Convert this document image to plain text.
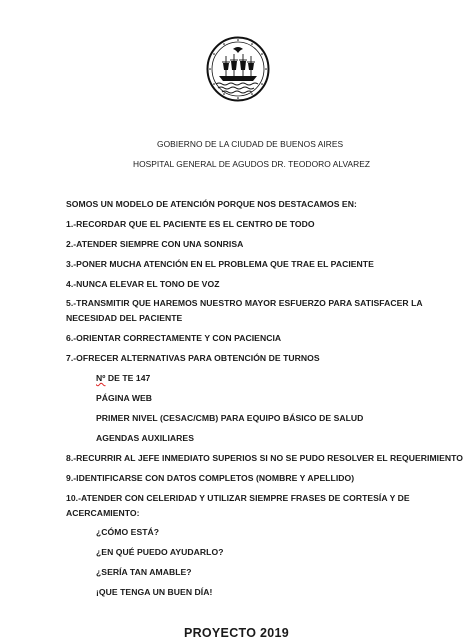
GOBIERNO DE LA CIUDAD DE BUENOS AIRES
HOSPITAL GENERAL DE AGUDOS DR. TEODORO ALVAREZ
SOMOS UN MODELO DE ATENCIÓN PORQUE NOS DESTACAMOS EN:
1.-RECORDAR QUE EL PACIENTE ES EL CENTRO DE TODO
2.-ATENDER SIEMPRE CON UNA SONRISA
3.-PONER MUCHA ATENCIÓN EN EL PROBLEMA QUE TRAE EL PACIENTE
4.-NUNCA ELEVAR EL TONO DE VOZ
5.-TRANSMITIR QUE HAREMOS NUESTRO MAYOR ESFUERZO PARA SATISFACER LA
NECESIDAD DEL PACIENTE
6.-ORIENTAR CORRECTAMENTE Y CON PACIENCIA
7.-OFRECER ALTERNATIVAS PARA OBTENCIÓN DE TURNOS
Nº DE TE 147
PÁGINA WEB
PRIMER NIVEL (CESAC/CMB) PARA EQUIPO BÁSICO DE SALUD
AGENDAS AUXILIARES
8.-RECURRIR AL JEFE INMEDIATO SUPERIOS SI NO SE PUDO RESOLVER EL REQUERIMIENTO
9.-IDENTIFICARSE CON DATOS COMPLETOS (NOMBRE Y APELLIDO)
10.-ATENDER CON CELERIDAD Y UTILIZAR SIEMPRE FRASES DE CORTESÍA Y DE
ACERCAMIENTO:
¿CÓMO ESTÁ?
¿EN QUÉ PUEDO AYUDARLO?
¿SERÍA TAN AMABLE?
¡QUE TENGA UN BUEN DÍA!
PROYECTO 2019
